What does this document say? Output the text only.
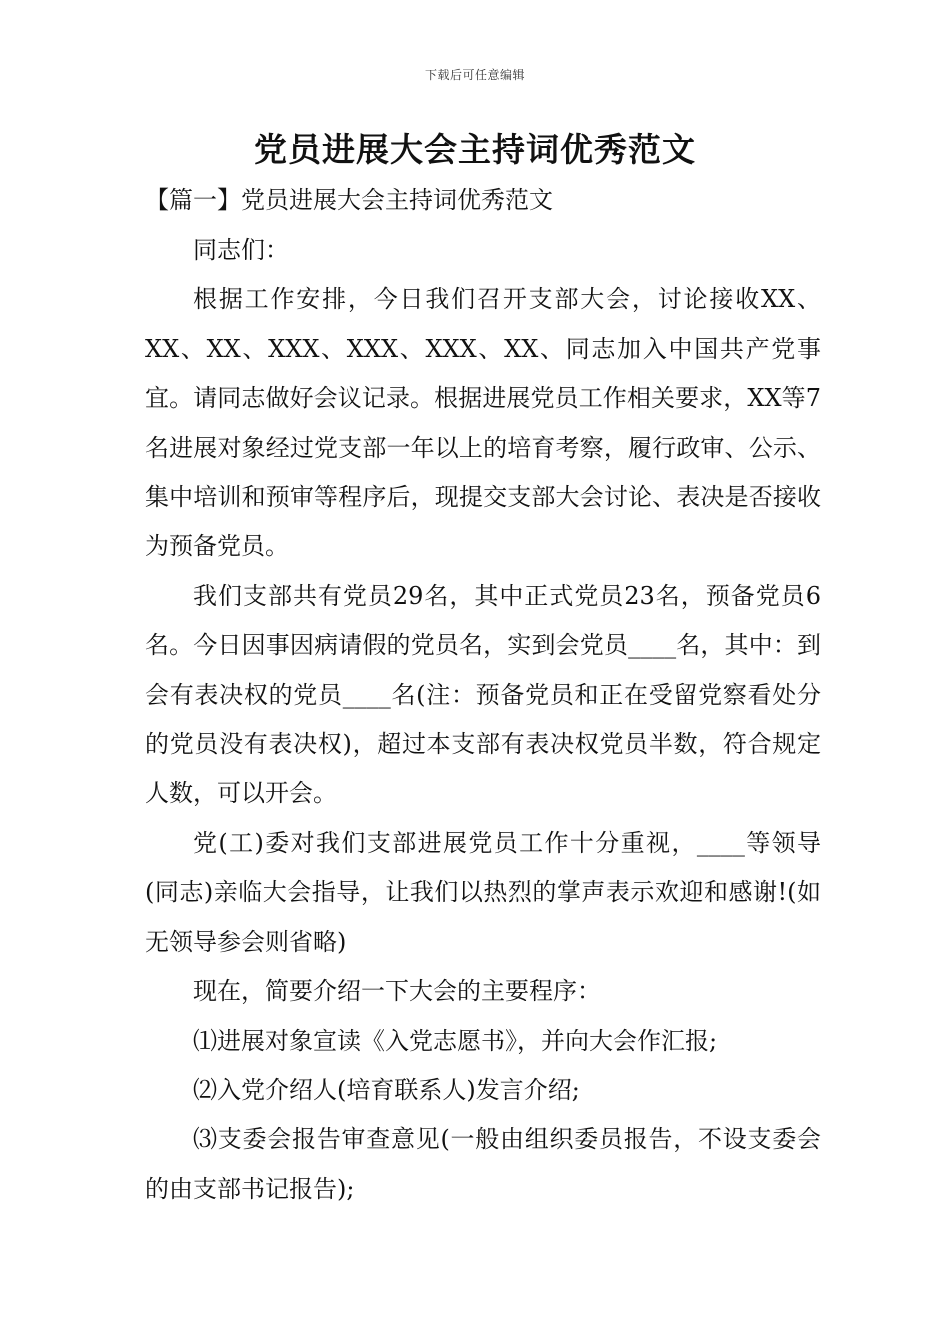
下载后可任意编辑
党员进展大会主持词优秀范文
【篇一】党员进展大会主持词优秀范文

同志们：

根据工作安排，今日我们召开支部大会，讨论接收XX、XX、XX、XXX、XXX、XXX、XX、同志加入中国共产党事宜。请同志做好会议记录。根据进展党员工作相关要求，XX等7名进展对象经过党支部一年以上的培育考察，履行政审、公示、集中培训和预审等程序后，现提交支部大会讨论、表决是否接收为预备党员。

我们支部共有党员29名，其中正式党员23名，预备党员6名。今日因事因病请假的党员名，实到会党员____名，其中：到会有表决权的党员____名(注：预备党员和正在受留党察看处分的党员没有表决权)，超过本支部有表决权党员半数，符合规定人数，可以开会。

党(工)委对我们支部进展党员工作十分重视，____等领导(同志)亲临大会指导，让我们以热烈的掌声表示欢迎和感谢!(如无领导参会则省略)

现在，简要介绍一下大会的主要程序：

⑴进展对象宣读《入党志愿书》，并向大会作汇报;

⑵入党介绍人(培育联系人)发言介绍;

⑶支委会报告审查意见(一般由组织委员报告，不设支委会的由支部书记报告);
